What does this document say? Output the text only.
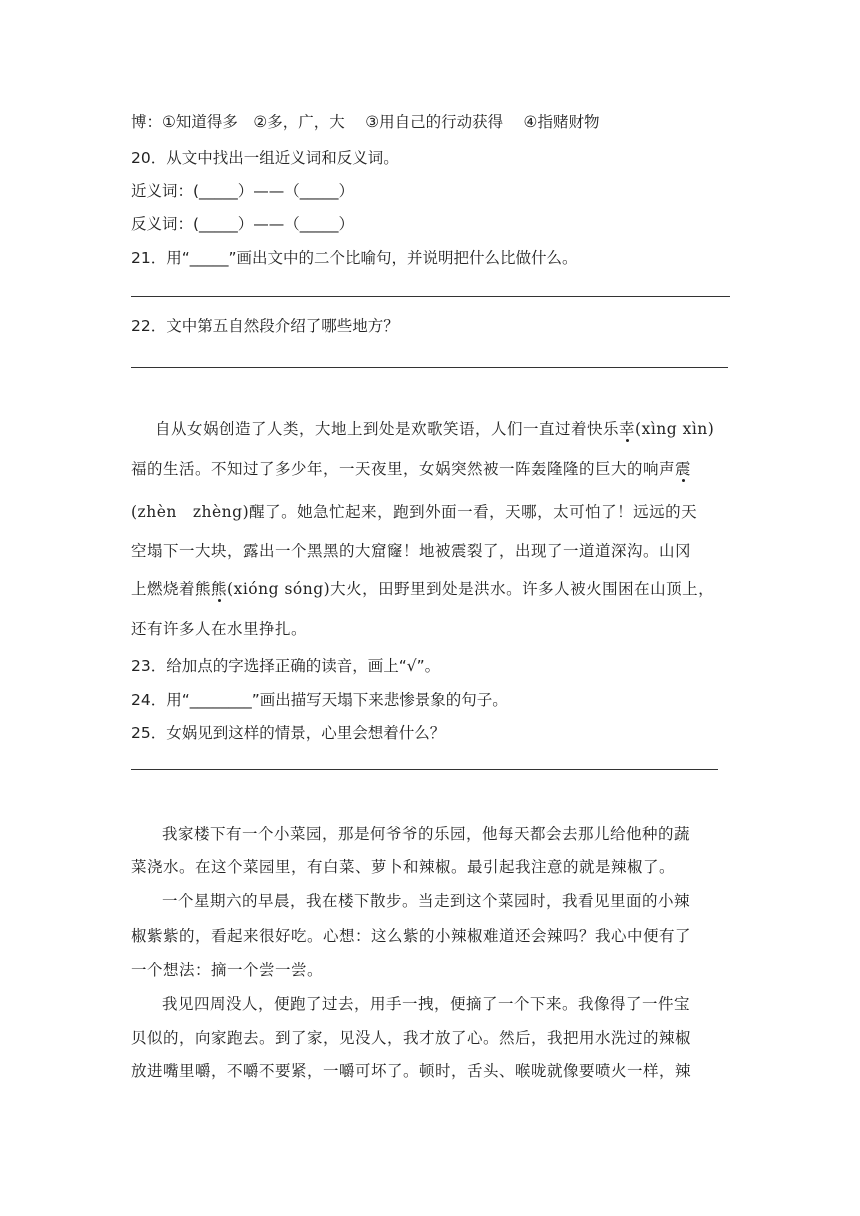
博：①知道得多　②多，广，大　 ③用自己的行动获得　 ④指赌财物
20．从文中找出一组近义词和反义词。
近义词：(_____）——（_____）
反义词：(_____）——（_____）
21．用“_____”画出文中的二个比喻句，并说明把什么比做什么。
22．文中第五自然段介绍了哪些地方？
自从女娲创造了人类，大地上到处是欢歌笑语，人们一直过着快乐幸(xìng xìn)
福的生活。不知过了多少年，一天夜里，女娲突然被一阵轰隆隆的巨大的响声震
(zhèn　zhèng)醒了。她急忙起来，跑到外面一看，天哪，太可怕了！远远的天
空塌下一大块，露出一个黑黑的大窟窿！地被震裂了，出现了一道道深沟。山冈
上燃烧着熊熊(xióng sóng)大火，田野里到处是洪水。许多人被火围困在山顶上，
还有许多人在水里挣扎。
23．给加点的字选择正确的读音，画上“√”。
24．用“________”画出描写天塌下来悲惨景象的句子。
25．女娲见到这样的情景，心里会想着什么？
我家楼下有一个小菜园，那是何爷爷的乐园，他每天都会去那儿给他种的蔬
菜浇水。在这个菜园里，有白菜、萝卜和辣椒。最引起我注意的就是辣椒了。
一个星期六的早晨，我在楼下散步。当走到这个菜园时，我看见里面的小辣
椒紫紫的，看起来很好吃。心想：这么紫的小辣椒难道还会辣吗？我心中便有了
一个想法：摘一个尝一尝。
我见四周没人，便跑了过去，用手一拽，便摘了一个下来。我像得了一件宝
贝似的，向家跑去。到了家，见没人，我才放了心。然后，我把用水洗过的辣椒
放进嘴里嚼，不嚼不要紧，一嚼可坏了。顿时，舌头、喉咙就像要喷火一样，辣
